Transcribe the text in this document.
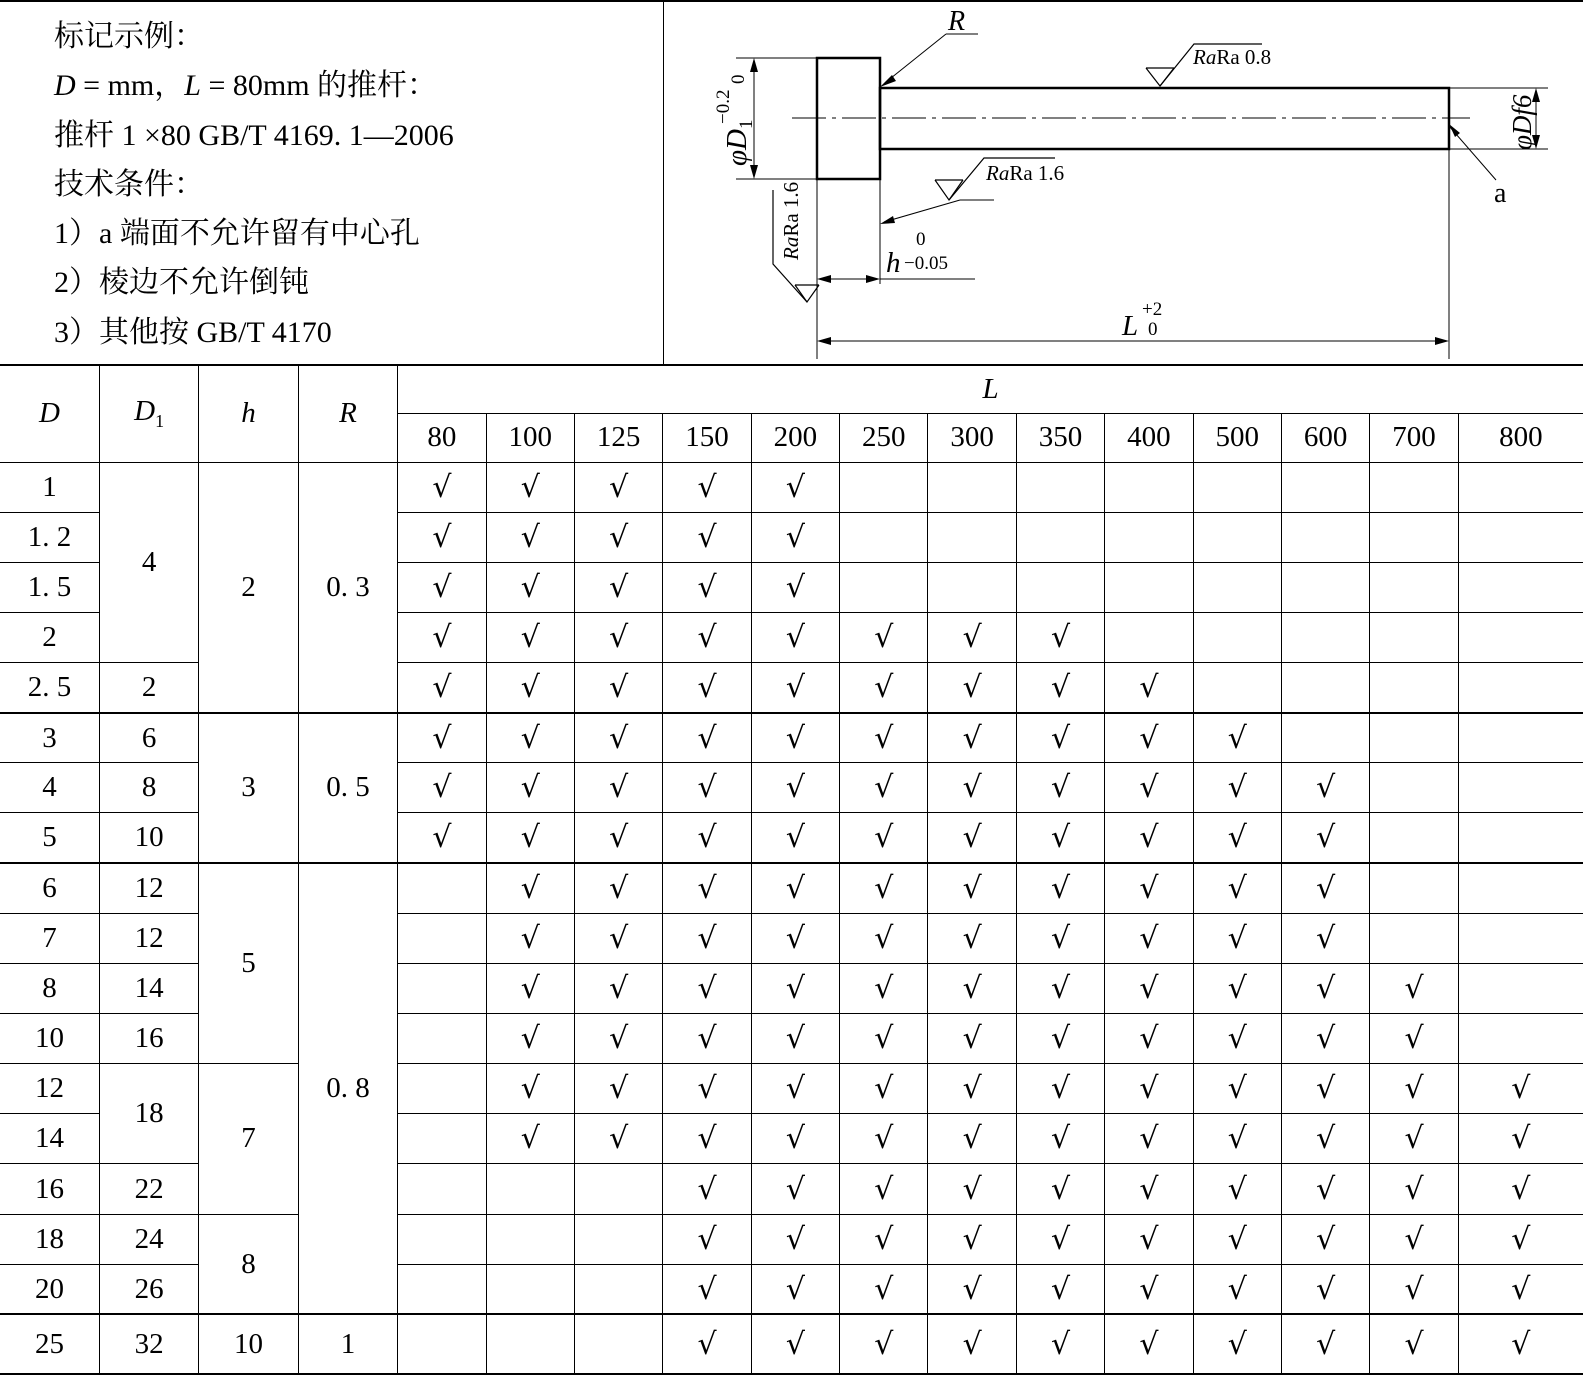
标记示例：
D = mm，L = 80mm 的推杆：
推杆 1 ×80 GB/T 4169. 1—2006
技术条件：
1）a 端面不允许留有中心孔
2）棱边不允许倒钝
3）其他按 GB/T 4170
$\varphi D_1$
−0.2
0
φDf6
R
RaRa 0.8
RaRa 1.6
RaRa 1.6
h
0
−0.05
L
+2
0
a
D	$D_1$	h	R	L												
				80	100	125	150	200	250	300	350	400	500	600	700	800
1	4	2	0. 3	√	√	√	√	√								
1. 2				√	√	√	√	√								
1. 5				√	√	√	√	√								
2				√	√	√	√	√	√	√	√					
2. 5	2			√	√	√	√	√	√	√	√	√				
3	6	3	0. 5	√	√	√	√	√	√	√	√	√	√			
4	8			√	√	√	√	√	√	√	√	√	√	√		
5	10			√	√	√	√	√	√	√	√	√	√	√		
6	12	5	0. 8		√	√	√	√	√	√	√	√	√	√		
7	12				√	√	√	√	√	√	√	√	√	√		
8	14				√	√	√	√	√	√	√	√	√	√	√	
10	16				√	√	√	√	√	√	√	√	√	√	√	
12	18	7			√	√	√	√	√	√	√	√	√	√	√	√
14					√	√	√	√	√	√	√	√	√	√	√	√
16	22						√	√	√	√	√	√	√	√	√	√
18	24	8					√	√	√	√	√	√	√	√	√	√
20	26						√	√	√	√	√	√	√	√	√	√
25	32	10	1				√	√	√	√	√	√	√	√	√	√
